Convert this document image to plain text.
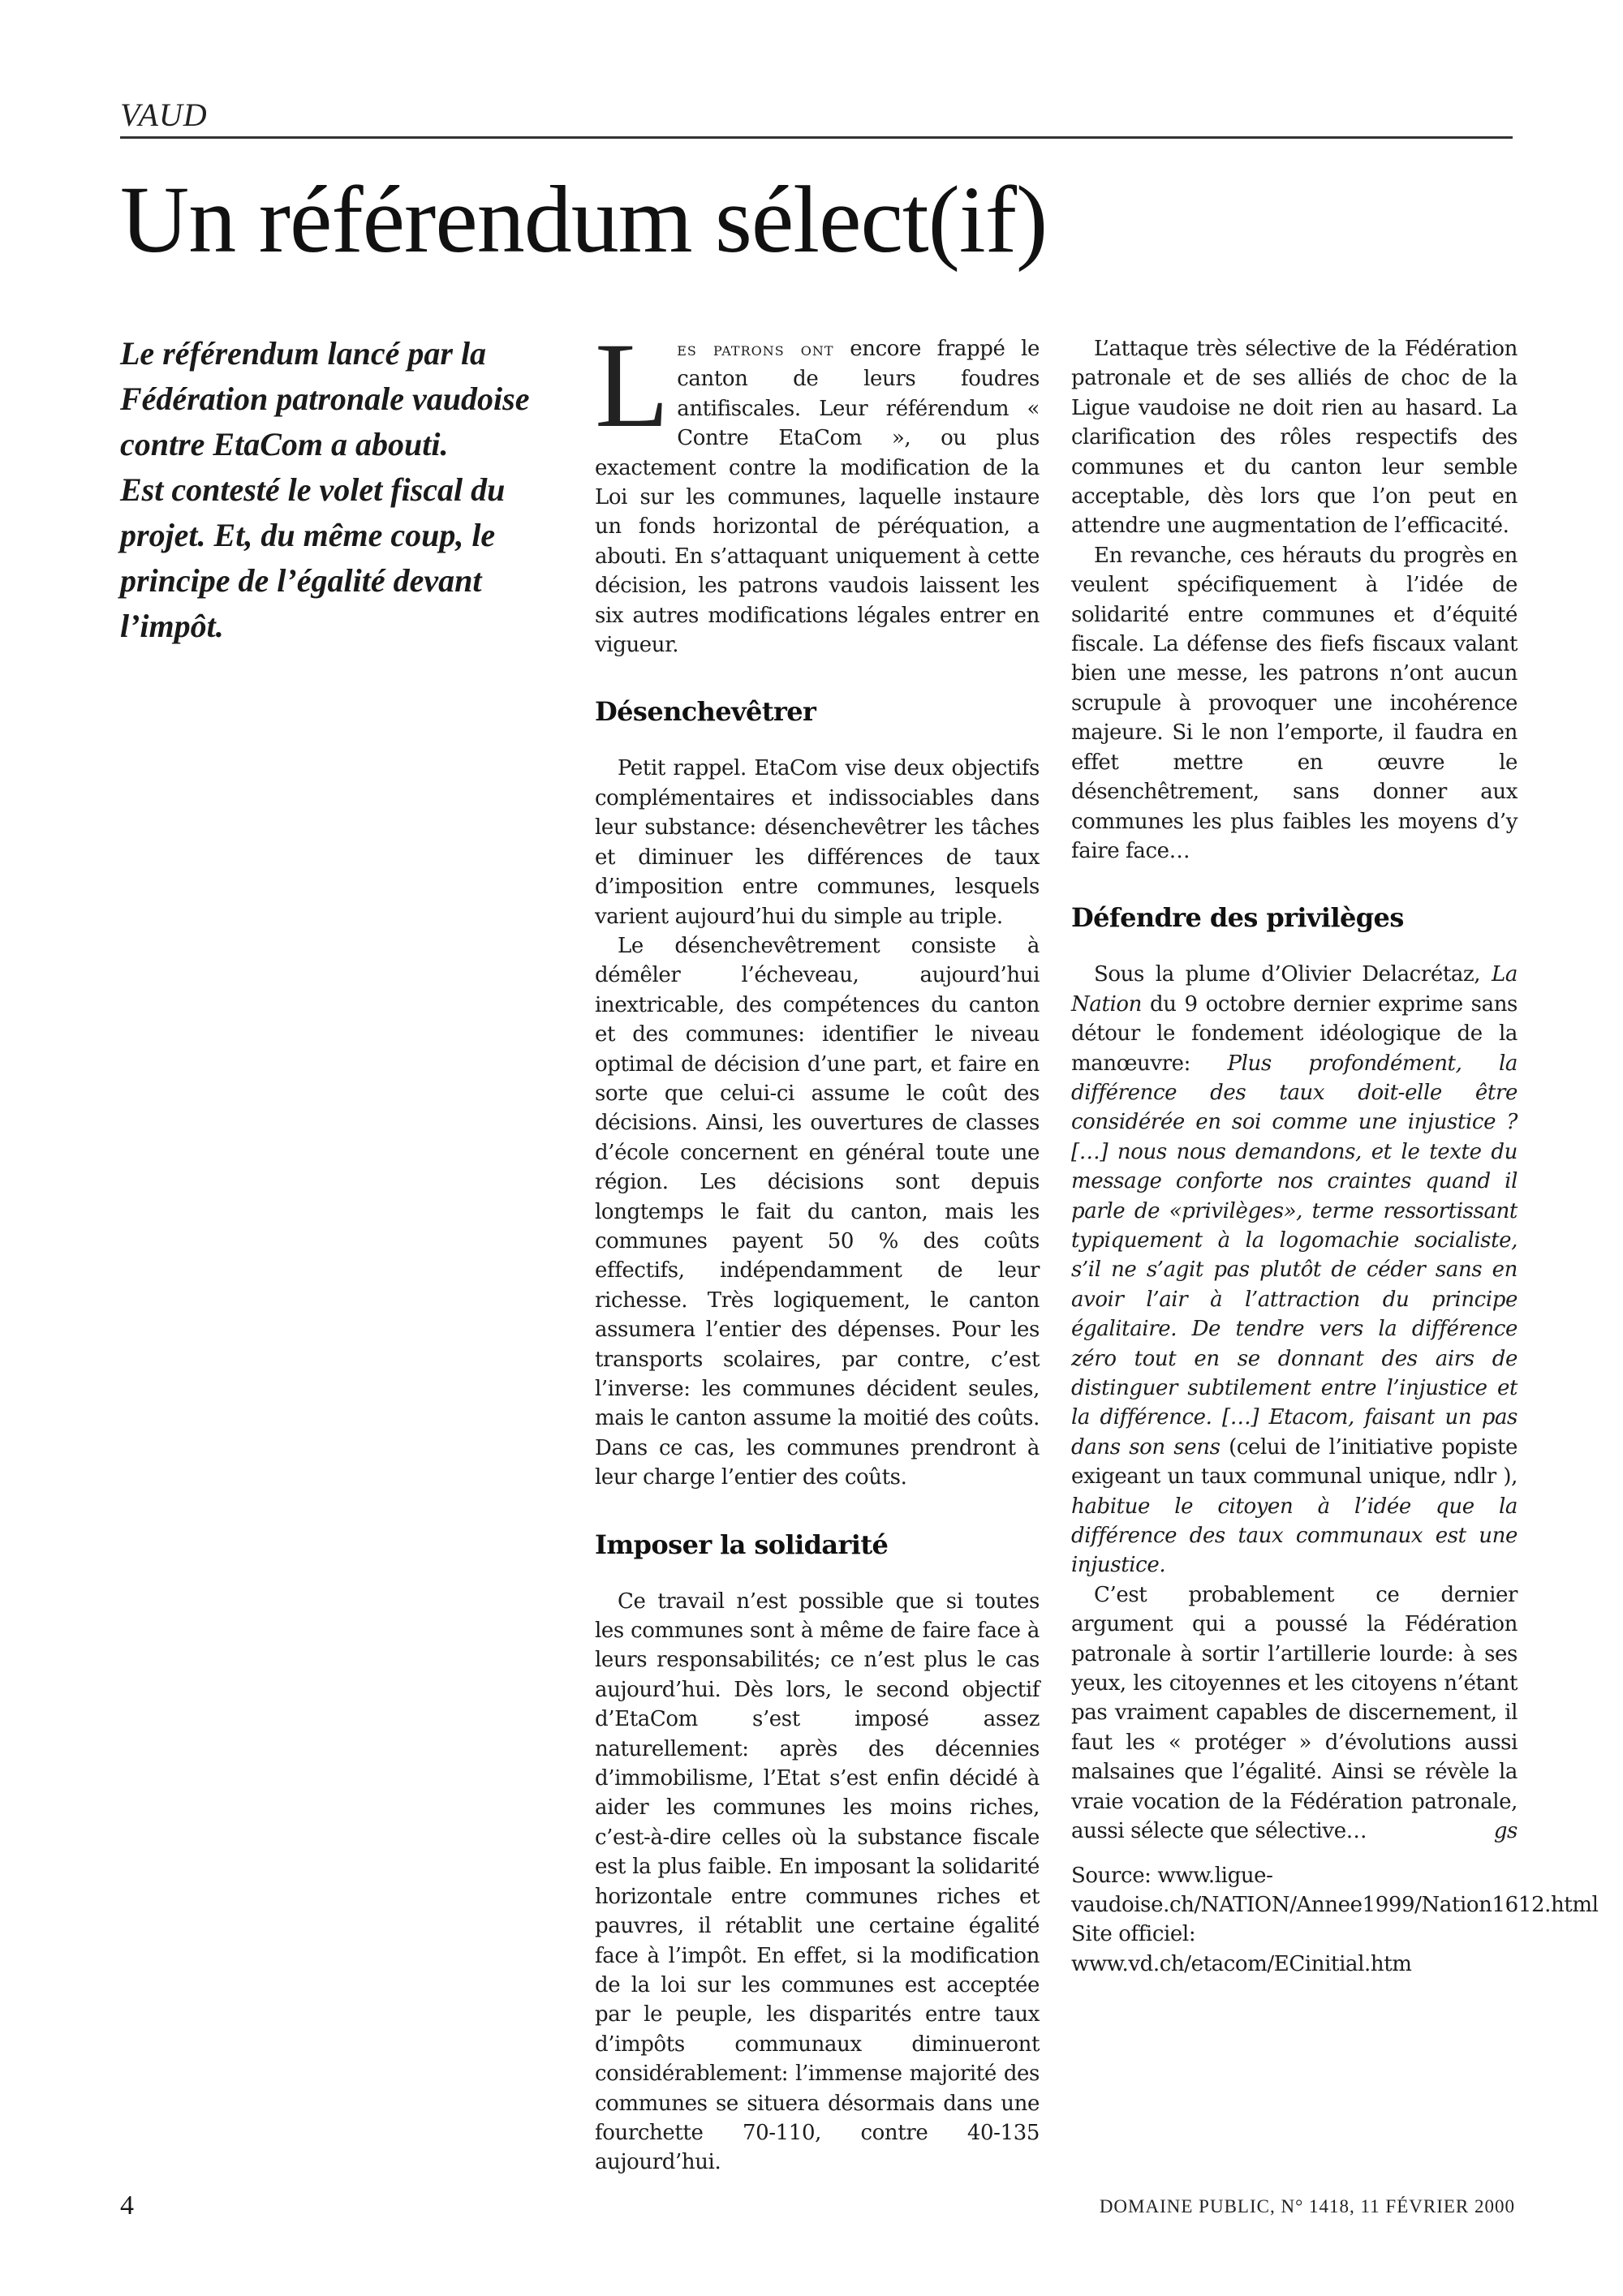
VAUD
Un référendum sélect(if)

Le référendum lancé par la Fédération patronale vaudoise contre EtaCom a abouti.

Est contesté le volet fiscal du projet. Et, du même coup, le principe de l’égalité devant l’impôt.

Les patrons ont encore frappé le canton de leurs foudres antifiscales. Leur référendum « Contre EtaCom », ou plus exactement contre la modification de la Loi sur les communes, laquelle instaure un fonds horizontal de péréquation, a abouti. En s’attaquant uniquement à cette décision, les patrons vaudois laissent les six autres modifications légales entrer en vigueur.

Désenchevêtrer

Petit rappel. EtaCom vise deux objectifs complémentaires et indissociables dans leur substance: désenchevêtrer les tâches et diminuer les différences de taux d’imposition entre communes, lesquels varient aujourd’hui du simple au triple.

Le désenchevêtrement consiste à démêler l’écheveau, aujourd’hui inextricable, des compétences du canton et des communes: identifier le niveau optimal de décision d’une part, et faire en sorte que celui-ci assume le coût des décisions. Ainsi, les ouvertures de classes d’école concernent en général toute une région. Les décisions sont depuis longtemps le fait du canton, mais les communes payent 50 % des coûts effectifs, indépendamment de leur richesse. Très logiquement, le canton assumera l’entier des dépenses. Pour les transports scolaires, par contre, c’est l’inverse: les communes décident seules, mais le canton assume la moitié des coûts. Dans ce cas, les communes prendront à leur charge l’entier des coûts.

Imposer la solidarité

Ce travail n’est possible que si toutes les communes sont à même de faire face à leurs responsabilités; ce n’est plus le cas aujourd’hui. Dès lors, le second objectif d’EtaCom s’est imposé assez naturellement: après des décennies d’immobilisme, l’Etat s’est enfin décidé à aider les communes les moins riches, c’est-à-dire celles où la substance fiscale est la plus faible. En imposant la solidarité horizontale entre communes riches et pauvres, il rétablit une certaine égalité face à l’impôt. En effet, si la modification de la loi sur les communes est acceptée par le peuple, les disparités entre taux d’impôts communaux diminueront considérablement: l’immense majorité des communes se situera désormais dans une fourchette 70-110, contre 40-135 aujourd’hui.

L’attaque très sélective de la Fédération patronale et de ses alliés de choc de la Ligue vaudoise ne doit rien au hasard. La clarification des rôles respectifs des communes et du canton leur semble acceptable, dès lors que l’on peut en attendre une augmentation de l’efficacité.

En revanche, ces hérauts du progrès en veulent spécifiquement à l’idée de solidarité entre communes et d’équité fiscale. La défense des fiefs fiscaux valant bien une messe, les patrons n’ont aucun scrupule à provoquer une incohérence majeure. Si le non l’emporte, il faudra en effet mettre en œuvre le désenchêtrement, sans donner aux communes les plus faibles les moyens d’y faire face…

Défendre des privilèges

Sous la plume d’Olivier Delacrétaz, La Nation du 9 octobre dernier exprime sans détour le fondement idéologique de la manœuvre: Plus profondément, la différence des taux doit-elle être considérée en soi comme une injustice ? […] nous nous demandons, et le texte du message conforte nos craintes quand il parle de «privilèges», terme ressortissant typiquement à la logomachie socialiste, s’il ne s’agit pas plutôt de céder sans en avoir l’air à l’attraction du principe égalitaire. De tendre vers la différence zéro tout en se donnant des airs de distinguer subtilement entre l’injustice et la différence. […] Etacom, faisant un pas dans son sens (celui de l’initiative popiste exigeant un taux communal unique, ndlr ), habitue le citoyen à l’idée que la différence des taux communaux est une injustice.

C’est probablement ce dernier argument qui a poussé la Fédération patronale à sortir l’artillerie lourde: à ses yeux, les citoyennes et les citoyens n’étant pas vraiment capables de discernement, il faut les « protéger » d’évolutions aussi malsaines que l’égalité. Ainsi se révèle la vraie vocation de la Fédération patronale, aussi sélecte que sélective…	gs

Source: www.ligue-vaudoise.ch/NATION/Annee1999/Nation1612.html

Site officiel: www.vd.ch/etacom/ECinitial.htm

4	DOMAINE PUBLIC, N° 1418, 11 FÉVRIER 2000
